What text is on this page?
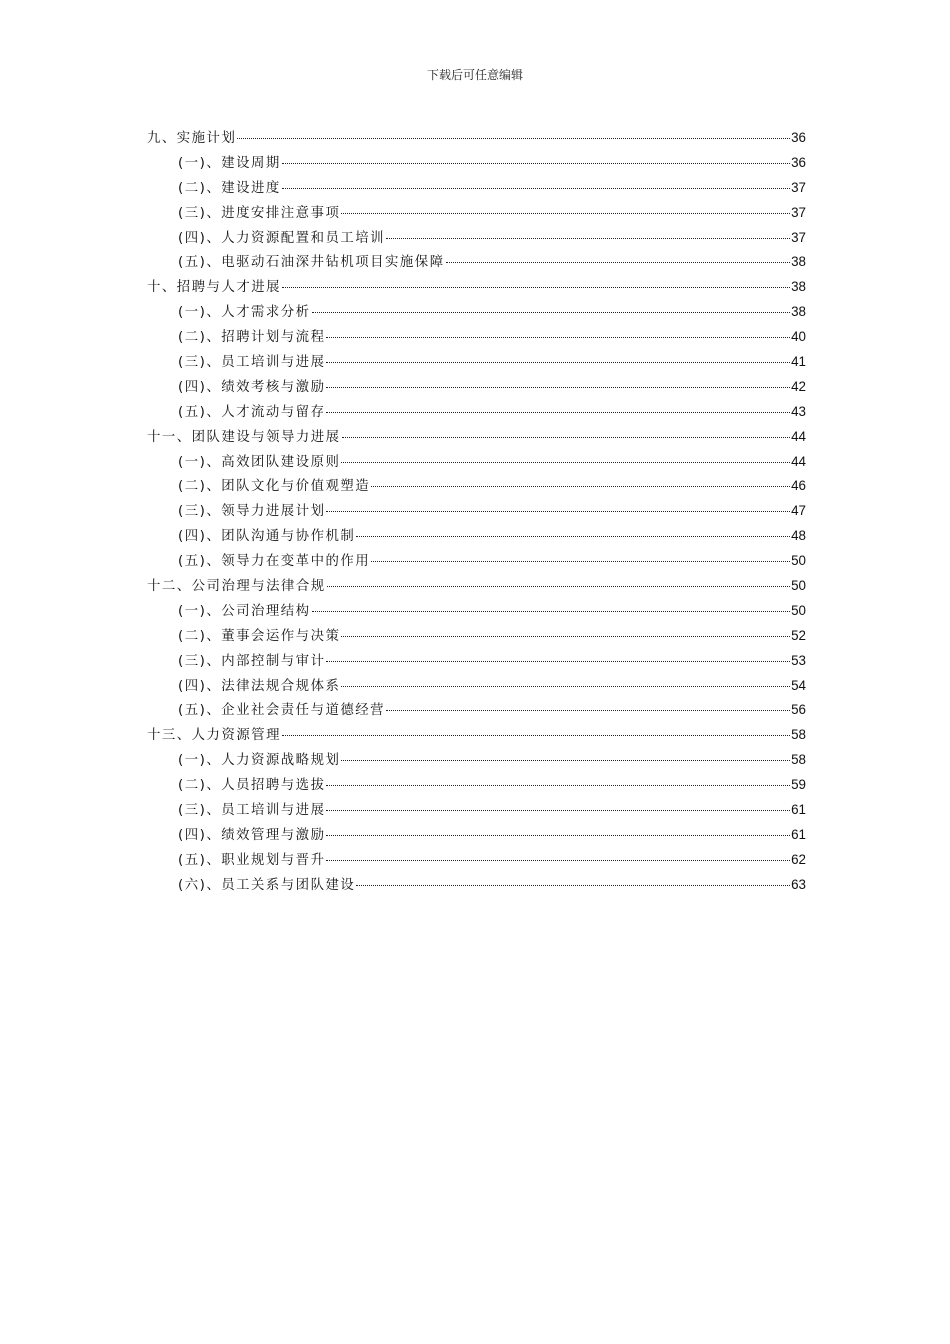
下载后可任意编辑
九、实施计划	36
(一)、建设周期	36
(二)、建设进度	37
(三)、进度安排注意事项	37
(四)、人力资源配置和员工培训	37
(五)、电驱动石油深井钻机项目实施保障	38
十、招聘与人才进展	38
(一)、人才需求分析	38
(二)、招聘计划与流程	40
(三)、员工培训与进展	41
(四)、绩效考核与激励	42
(五)、人才流动与留存	43
十一、团队建设与领导力进展	44
(一)、高效团队建设原则	44
(二)、团队文化与价值观塑造	46
(三)、领导力进展计划	47
(四)、团队沟通与协作机制	48
(五)、领导力在变革中的作用	50
十二、公司治理与法律合规	50
(一)、公司治理结构	50
(二)、董事会运作与决策	52
(三)、内部控制与审计	53
(四)、法律法规合规体系	54
(五)、企业社会责任与道德经营	56
十三、人力资源管理	58
(一)、人力资源战略规划	58
(二)、人员招聘与选拔	59
(三)、员工培训与进展	61
(四)、绩效管理与激励	61
(五)、职业规划与晋升	62
(六)、员工关系与团队建设	63
